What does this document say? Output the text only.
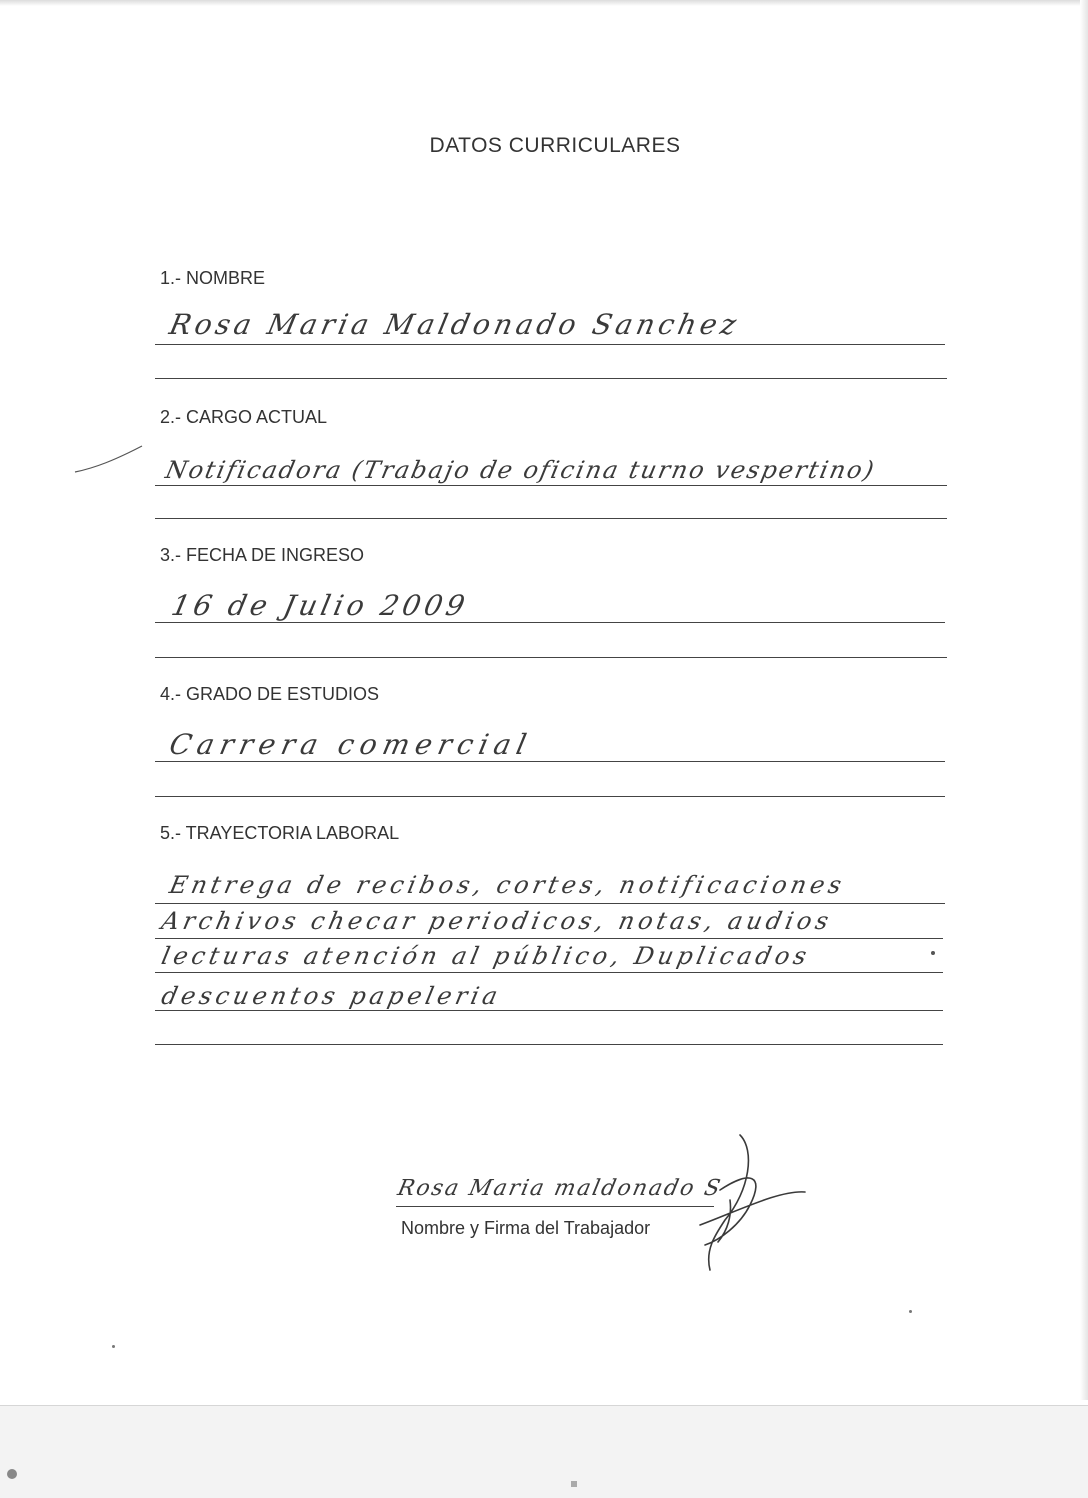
DATOS CURRICULARES
1.- NOMBRE
Rosa Maria Maldonado Sanchez
2.- CARGO ACTUAL
Notificadora (Trabajo de oficina turno vespertino)
3.- FECHA DE INGRESO
16 de Julio 2009
4.- GRADO DE ESTUDIOS
Carrera comercial
5.- TRAYECTORIA LABORAL
Entrega de recibos, cortes, notificaciones
Archivos checar periodicos, notas, audios
lecturas atención al público, Duplicados
descuentos papeleria
Rosa Maria maldonado S
Nombre y Firma del Trabajador
